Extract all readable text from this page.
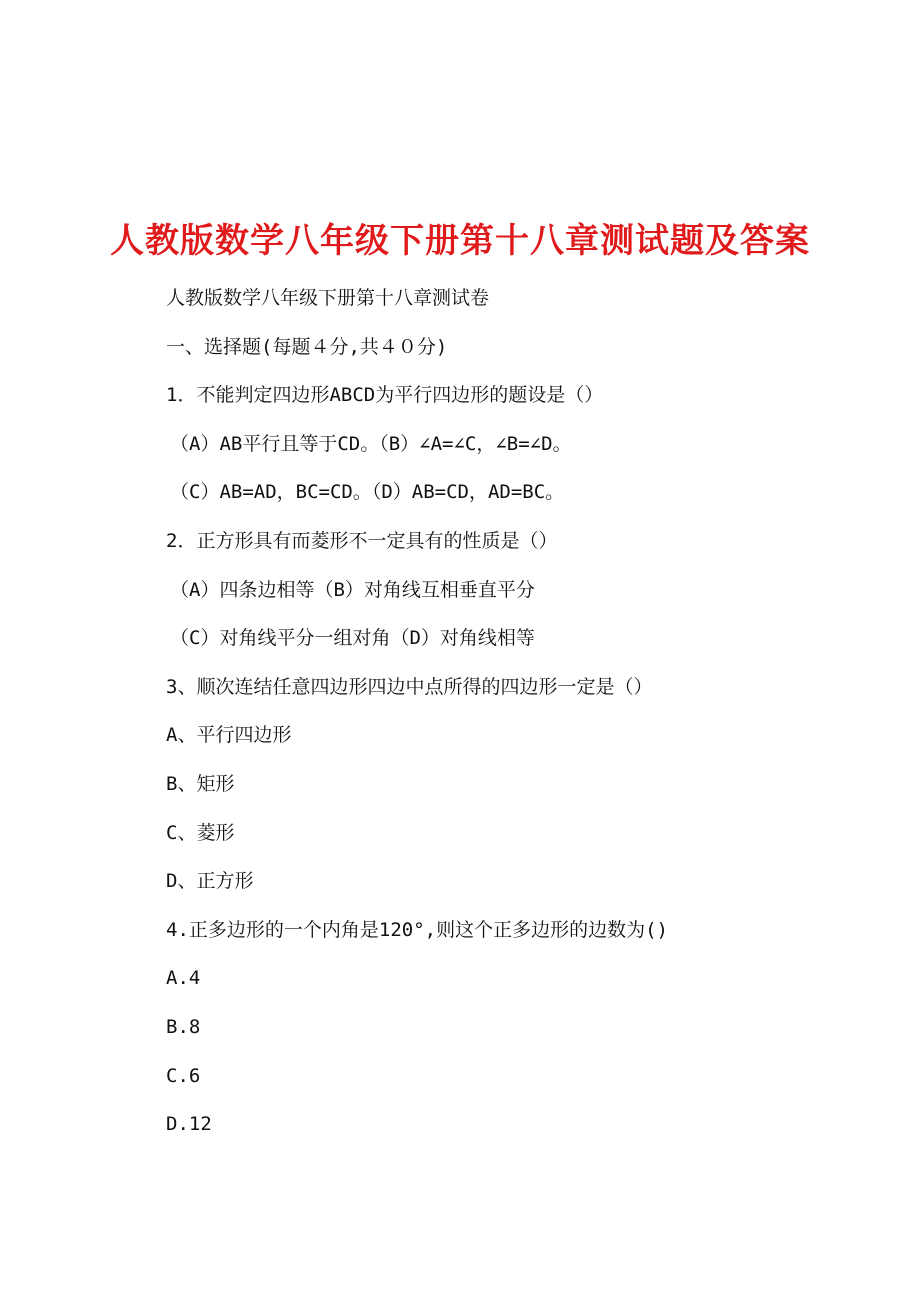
人教版数学八年级下册第十八章测试题及答案
人教版数学八年级下册第十八章测试卷
一、选择题(每题４分,共４０分)
1．不能判定四边形ABCD为平行四边形的题设是（）
（A）AB平行且等于CD。（B）∠A=∠C，∠B=∠D。
（C）AB=AD，BC=CD。（D）AB=CD，AD=BC。
2．正方形具有而菱形不一定具有的性质是（）
（A）四条边相等（B）对角线互相垂直平分
（C）对角线平分一组对角（D）对角线相等
3、顺次连结任意四边形四边中点所得的四边形一定是（）
A、平行四边形
B、矩形
C、菱形
D、正方形
4.正多边形的一个内角是120°,则这个正多边形的边数为()
A.4
B.8
C.6
D.12
